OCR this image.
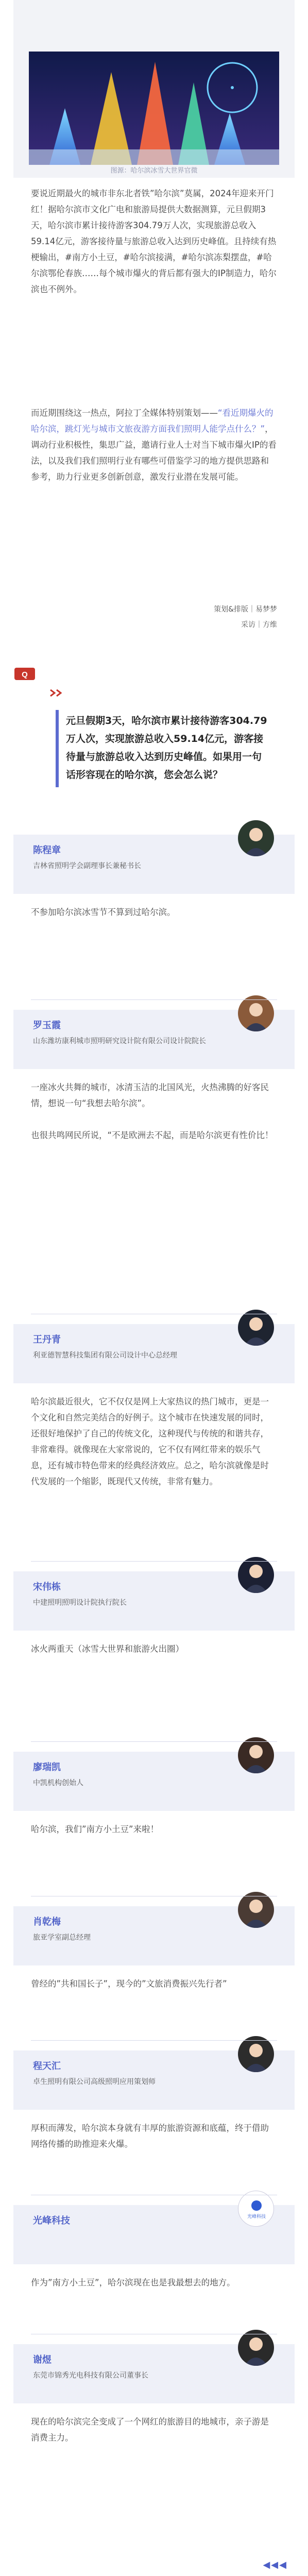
图源：哈尔滨冰雪大世界官微

要说近期最火的城市非东北者铁”哈尔滨”莫属，2024年迎来开门红！据哈尔滨市文化广电和旅游局提供大数据测算，元旦假期3天，哈尔滨市累计接待游客304.79万人次，实现旅游总收入59.14亿元，游客接待量与旅游总收入达到历史峰值。且持续有热梗输出，#南方小土豆，#哈尔滨接满，#哈尔滨冻梨摆盘，#哈尔滨鄂伦春族……每个城市爆火的背后都有强大的IP制造力，哈尔滨也不例外。

而近期围绕这一热点，阿拉丁全媒体特别策划——“看近期爆火的哈尔滨，跳灯光与城市文旅夜游方面我们照明人能学点什么？”，调动行业积极性，集思广益，邀请行业人士对当下城市爆火IP的看法，以及我们我们照明行业有哪些可借鉴学习的地方提供思路和参考，助力行业更多创新创意，激发行业潜在发展可能。
策划&排版｜易梦梦
采访｜方维
Q
元旦假期3天，哈尔滨市累计接待游客304.79万人次，实现旅游总收入59.14亿元，游客接待量与旅游总收入达到历史峰值。如果用一句话形容现在的哈尔滨，您会怎么说？
陈程章
吉林省照明学会副理事长兼秘书长
不参加哈尔滨冰雪节不算到过哈尔滨。
罗玉霞
山东潍坊康利城市照明研究设计院有限公司设计院院长
一座冰火共舞的城市，冰清玉洁的北国风光，火热沸腾的好客民情，想说一句“我想去哈尔滨”。

也很共鸣网民所说，“不是欧洲去不起，而是哈尔滨更有性价比！
王丹青
利亚德智慧科技集团有限公司设计中心总经理
哈尔滨最近很火，它不仅仅是网上大家热议的热门城市，更是一个文化和自然完美结合的好例子。这个城市在快速发展的同时，还很好地保护了自己的传统文化，这种现代与传统的和谐共存，非常难得。就像现在大家常说的，它不仅有网红带来的娱乐气息，还有城市特色带来的经典经济效应。总之，哈尔滨就像是时代发展的一个缩影，既现代又传统，非常有魅力。
宋伟栋
中建照明照明设计院执行院长
冰火两重天（冰雪大世界和旅游火出圈）
廖瑞凯
中凯机构创始人
哈尔滨，我们”南方小土豆”来啦！
肖乾梅
旅亚学室副总经理
曾经的”共和国长子”，现今的”文旅消费振兴先行者”
程天汇
卓生照明有限公司高级照明应用策划师
厚积而薄发，哈尔滨本身就有丰厚的旅游资源和底蕴，终于借助网络传播的助推迎来火爆。
光峰科技	光峰科技
作为”南方小土豆”，哈尔滨现在也是我最想去的地方。
谢煜
东莞市锦秀光电科技有限公司董事长
现在的哈尔滨完全变成了一个网红的旅游目的地城市，亲子游是消费主力。
◀◀◀
